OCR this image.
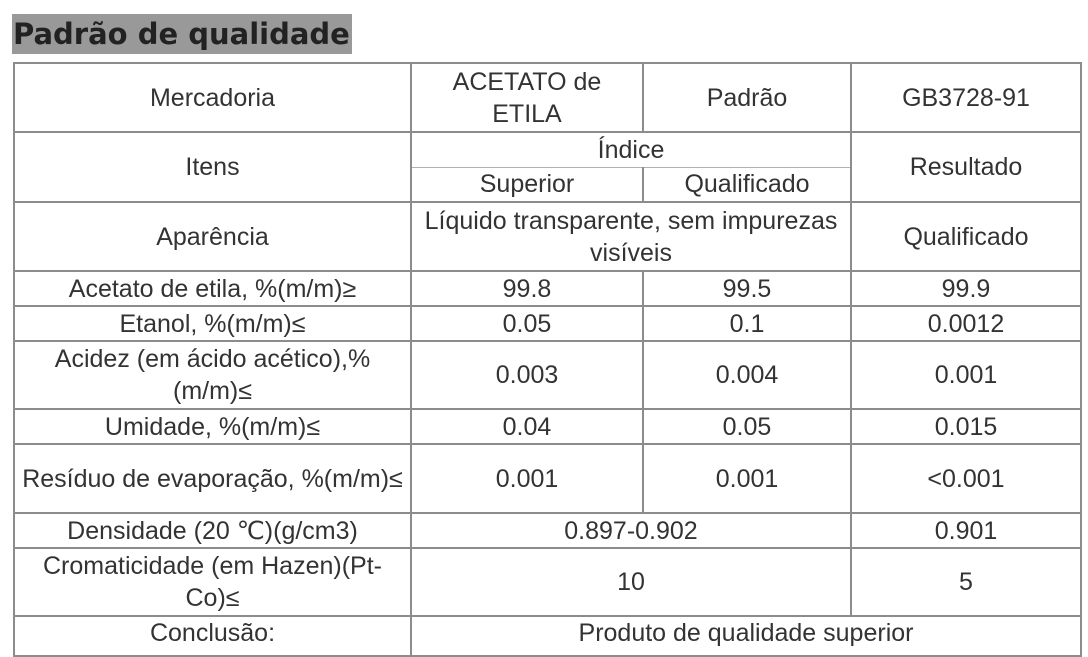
Padrão de qualidade
Mercadoria	ACETATO de ETILA	Padrão	GB3728-91
Itens	Índice		Resultado
	Superior	Qualificado	
Aparência	Líquido transparente, sem impurezas visíveis		Qualificado
Acetato de etila, %(m/m)≥	99.8	99.5	99.9
Etanol, %(m/m)≤	0.05	0.1	0.0012
Acidez (em ácido acético),%(m/m)≤	0.003	0.004	0.001
Umidade, %(m/m)≤	0.04	0.05	0.015
Resíduo de evaporação, %(m/m)≤	0.001	0.001	<0.001
Densidade (20 ℃)(g/cm3)	0.897-0.902		0.901
Cromaticidade (em Hazen)(Pt-Co)≤	10		5
Conclusão:	Produto de qualidade superior		
